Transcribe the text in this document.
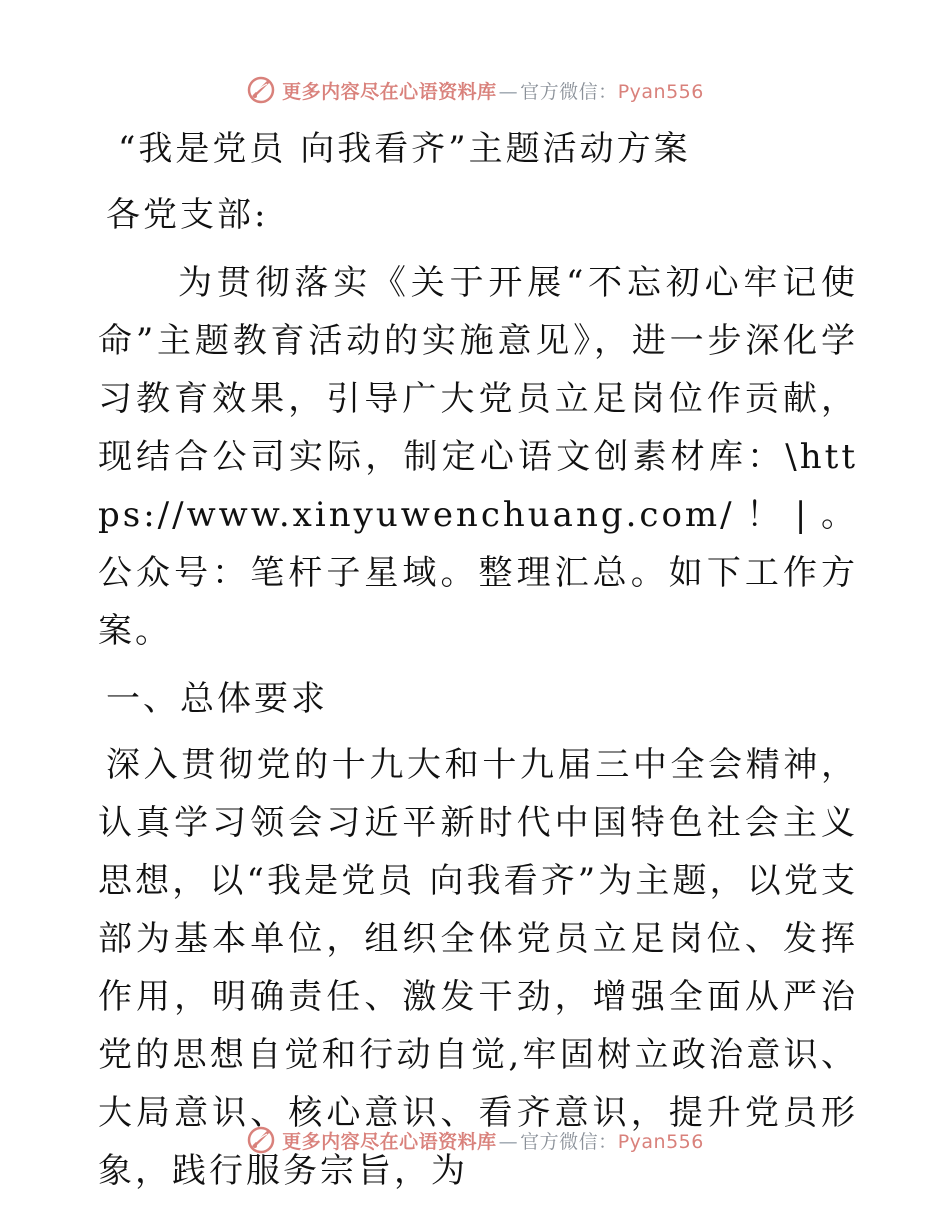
更多内容尽在心语资料库 — 官方微信：Pyan556
“我是党员 向我看齐”主题活动方案

各党支部:

为贯彻落实《关于开展“不忘初心牢记使命”主题教育活动的实施意见》，进一步深化学习教育效果，引导广大党员立足岗位作贡献，现结合公司实际，制定心语文创素材库：\https://www.xinyuwenchuang.com/！|。公众号：笔杆子星域。整理汇总。如下工作方案。

一、总体要求

深入贯彻党的十九大和十九届三中全会精神，认真学习领会习近平新时代中国特色社会主义思想，以“我是党员 向我看齐”为主题，以党支部为基本单位，组织全体党员立足岗位、发挥作用，明确责任、激发干劲，增强全面从严治党的思想自觉和行动自觉,牢固树立政治意识、大局意识、核心意识、看齐意识，提升党员形象，践行服务宗旨，为

更多内容尽在心语资料库 — 官方微信：Pyan556
